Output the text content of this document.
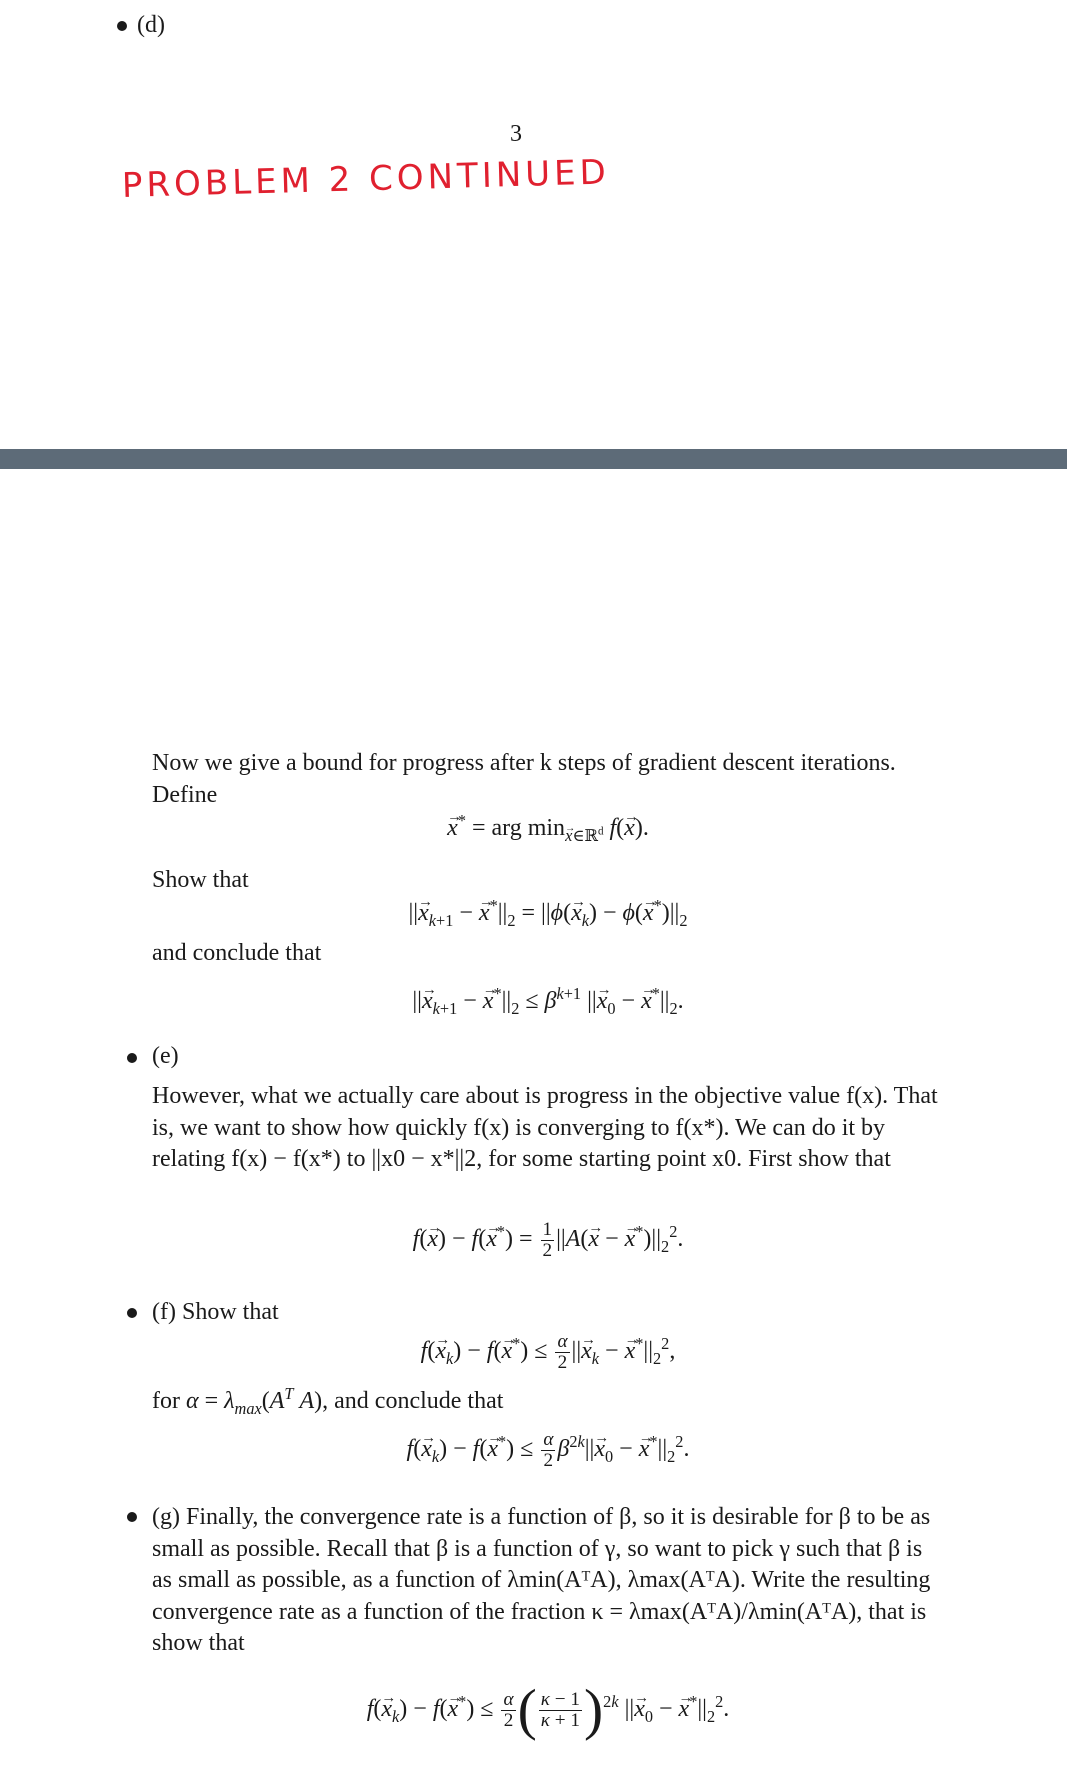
(d)
3
PROBLEM 2 CONTINUED
Now we give a bound for progress after k steps of gradient descent iterations. Define
→ x* = arg $\min_{x\in ℝ^d} f(\to x)$.
Show that
||→ $x_{k+1}$ − → $x^*||_2 = ||\phi(\to x_k) - \phi(\to x^*)||_2$
and conclude that
||→ $x_{k+1}$ − → $x^*||_2 \le \beta^{k+1}$ ||→ $x_0$ − → $x^*||_2$.
(e)
However, what we actually care about is progress in the objective value f(x). That is, we want to show how quickly f(x) is converging to f(x*). We can do it by relating f(x) − f(x*) to ||x0 − x*||2, for some starting point x0. First show that
$f(\to x) - f(\to x^*) = \frac{1}{2} ||A(\to x$ − → $x^*)||_2^2$.
(f) Show that
$f(\to x_k) - f(\to x^*) \le \frac{\alpha}{2}$ ||→ $x_k$ − → $x^*||_2^2$,
for $\alpha = \lambda_{max}(A^T$ A), and conclude that
$f(\to x_k) - f(\to x^*) \le \frac{\alpha}{2} \beta^{2k}||\to x_0$ − → $x^*||_2^2$.
(g) Finally, the convergence rate is a function of β, so it is desirable for β to be as small as possible. Recall that β is a function of γ, so want to pick γ such that β is as small as possible, as a function of λmin(AᵀA), λmax(AᵀA). Write the resulting convergence rate as a function of the fraction κ = λmax(AᵀA)/λmin(AᵀA), that is show that
$f(\to x_k) - f(\to x^*) \le \frac{\alpha}{2}$ ( $\frac{\kappa - 1}{\kappa + 1} )^{2k}$ ||→ $x_0$ − → $x^*||_2^2$.
